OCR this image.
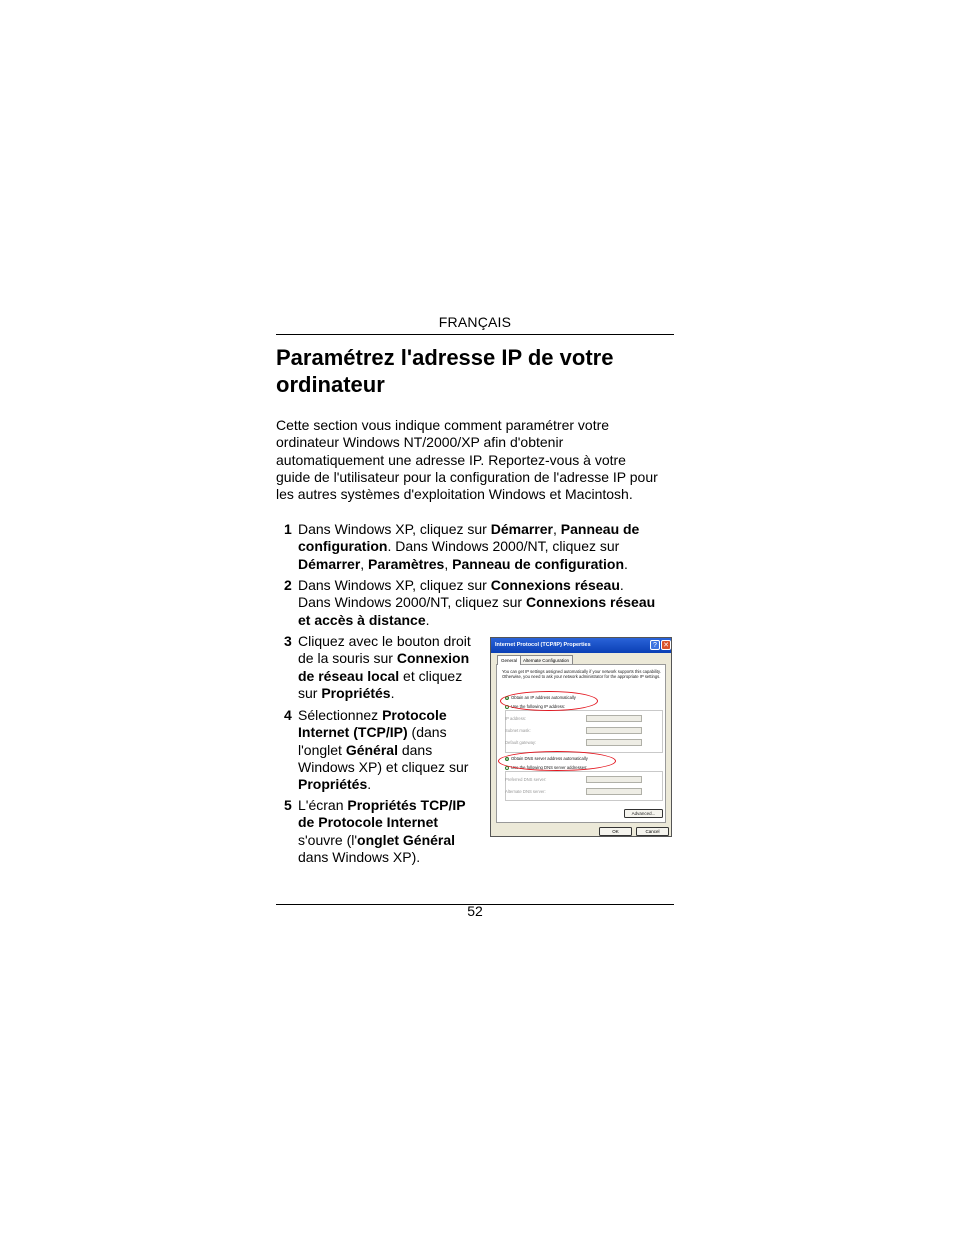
FRANÇAIS
Paramétrez l'adresse IP de votre
ordinateur

Cette section vous indique comment paramétrer votre
ordinateur Windows NT/2000/XP afin d'obtenir
automatiquement une adresse IP. Reportez-vous à votre
guide de l'utilisateur pour la configuration de l'adresse IP pour
les autres systèmes d'exploitation Windows et Macintosh.

1 Dans Windows XP, cliquez sur Démarrer, Panneau de
configuration. Dans Windows 2000/NT, cliquez sur
Démarrer, Paramètres, Panneau de configuration.
2 Dans Windows XP, cliquez sur Connexions réseau.
Dans Windows 2000/NT, cliquez sur Connexions réseau
et accès à distance.
3 Cliquez avec le bouton droit
de la souris sur Connexion
de réseau local et cliquez
sur Propriétés.
4 Sélectionnez Protocole
Internet (TCP/IP) (dans
l'onglet Général dans
Windows XP) et cliquez sur
Propriétés.
5 L'écran Propriétés TCP/IP
de Protocole Internet
s'ouvre (l'onglet Général
dans Windows XP).
Internet Protocol (TCP/IP) Properties	? ✕
General	Alternate Configuration
You can get IP settings assigned automatically if your network supports this capability. Otherwise, you need to ask your network administrator for the appropriate IP settings.
Obtain an IP address automatically
Use the following IP address:
IP address:
Subnet mask:
Default gateway:
Obtain DNS server address automatically
Use the following DNS server addresses:
Preferred DNS server:
Alternate DNS server:
Advanced...
OK	Cancel
52
